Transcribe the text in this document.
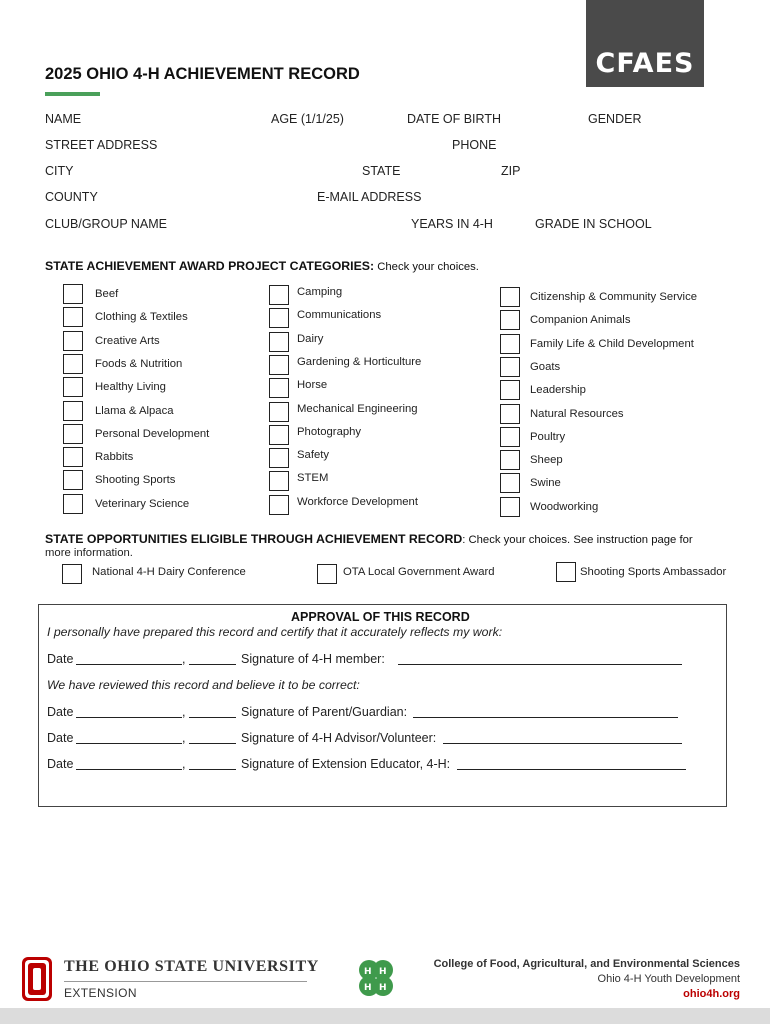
CFAES
2025 OHIO 4-H ACHIEVEMENT RECORD
NAME	AGE (1/1/25)	DATE OF BIRTH	GENDER
STREET ADDRESS	PHONE
CITY	STATE	ZIP
COUNTY	E-MAIL ADDRESS
CLUB/GROUP NAME	YEARS IN 4-H	GRADE IN SCHOOL
STATE ACHIEVEMENT AWARD PROJECT CATEGORIES: Check your choices.
Beef
Clothing & Textiles
Creative Arts
Foods & Nutrition
Healthy Living
Llama & Alpaca
Personal Development
Rabbits
Shooting Sports
Veterinary Science
Camping
Communications
Dairy
Gardening & Horticulture
Horse
Mechanical Engineering
Photography
Safety
STEM
Workforce Development
Citizenship & Community Service
Companion Animals
Family Life & Child Development
Goats
Leadership
Natural Resources
Poultry
Sheep
Swine
Woodworking
STATE OPPORTUNITIES ELIGIBLE THROUGH ACHIEVEMENT RECORD: Check your choices. See instruction page for
more information.
National 4-H Dairy Conference	OTA Local Government Award	Shooting Sports Ambassador
APPROVAL OF THIS RECORD
I personally have prepared this record and certify that it accurately reflects my work:
Date	,	Signature of 4-H member:
We have reviewed this record and believe it to be correct:
Date	,	Signature of Parent/Guardian:
Date	,	Signature of 4-H Advisor/Volunteer:
Date	,	Signature of Extension Educator, 4-H:
THE OHIO STATE UNIVERSITY
EXTENSION
H H
H H
College of Food, Agricultural, and Environmental Sciences
Ohio 4-H Youth Development
ohio4h.org
